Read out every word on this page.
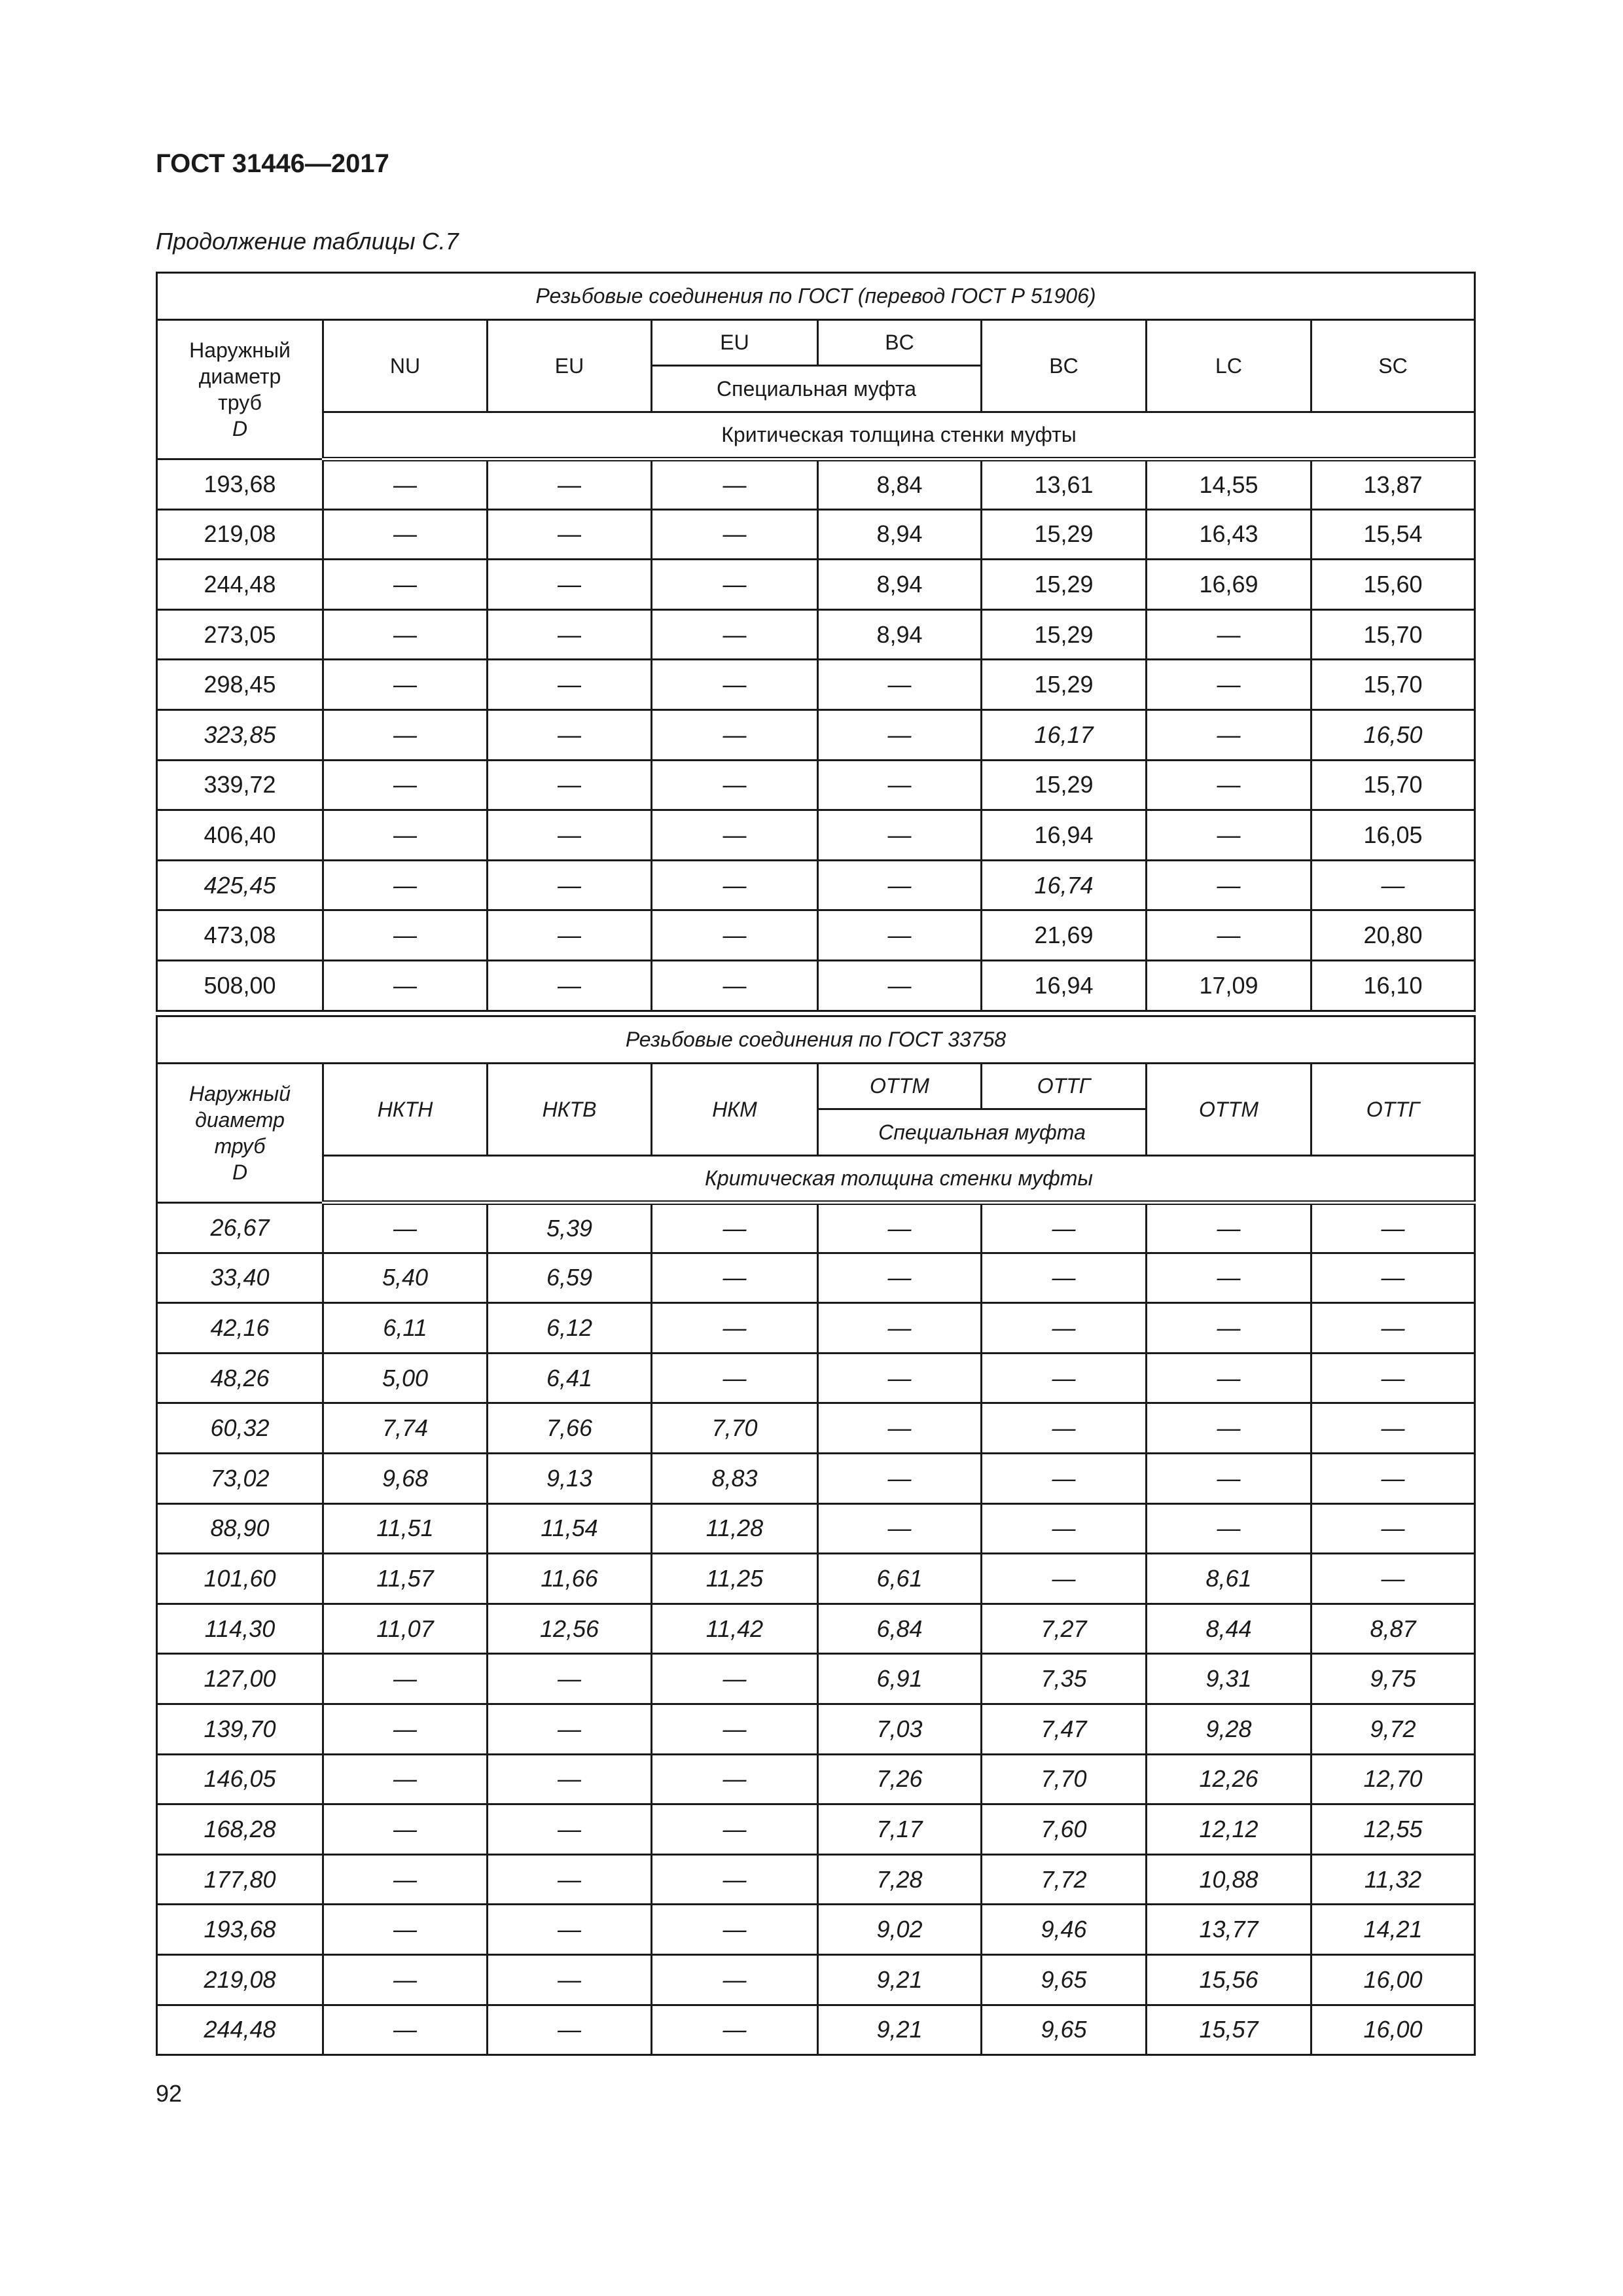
ГОСТ 31446—2017

Продолжение таблицы С.7

Резьбовые соединения по ГОСТ (перевод ГОСТ Р 51906)							

Наружный
диаметр
труб
D	NU	EU	EU	BC	BC	LC	SC
			Специальная муфта				
	Критическая толщина стенки муфты						
193,68	—	—	—	8,84	13,61	14,55	13,87
219,08	—	—	—	8,94	15,29	16,43	15,54
244,48	—	—	—	8,94	15,29	16,69	15,60
273,05	—	—	—	8,94	15,29	—	15,70
298,45	—	—	—	—	15,29	—	15,70
323,85	—	—	—	—	16,17	—	16,50
339,72	—	—	—	—	15,29	—	15,70
406,40	—	—	—	—	16,94	—	16,05
425,45	—	—	—	—	16,74	—	—
473,08	—	—	—	—	21,69	—	20,80
508,00	—	—	—	—	16,94	17,09	16,10
Резьбовые соединения по ГОСТ 33758							

Наружный
диаметр
труб
D	НКТН	НКТВ	НКМ	ОТТМ	ОТТГ	ОТТМ	ОТТГ
				Специальная муфта			
	Критическая толщина стенки муфты						
26,67	—	5,39	—	—	—	—	—
33,40	5,40	6,59	—	—	—	—	—
42,16	6,11	6,12	—	—	—	—	—
48,26	5,00	6,41	—	—	—	—	—
60,32	7,74	7,66	7,70	—	—	—	—
73,02	9,68	9,13	8,83	—	—	—	—
88,90	11,51	11,54	11,28	—	—	—	—
101,60	11,57	11,66	11,25	6,61	—	8,61	—
114,30	11,07	12,56	11,42	6,84	7,27	8,44	8,87
127,00	—	—	—	6,91	7,35	9,31	9,75
139,70	—	—	—	7,03	7,47	9,28	9,72
146,05	—	—	—	7,26	7,70	12,26	12,70
168,28	—	—	—	7,17	7,60	12,12	12,55
177,80	—	—	—	7,28	7,72	10,88	11,32
193,68	—	—	—	9,02	9,46	13,77	14,21
219,08	—	—	—	9,21	9,65	15,56	16,00
244,48	—	—	—	9,21	9,65	15,57	16,00

92
